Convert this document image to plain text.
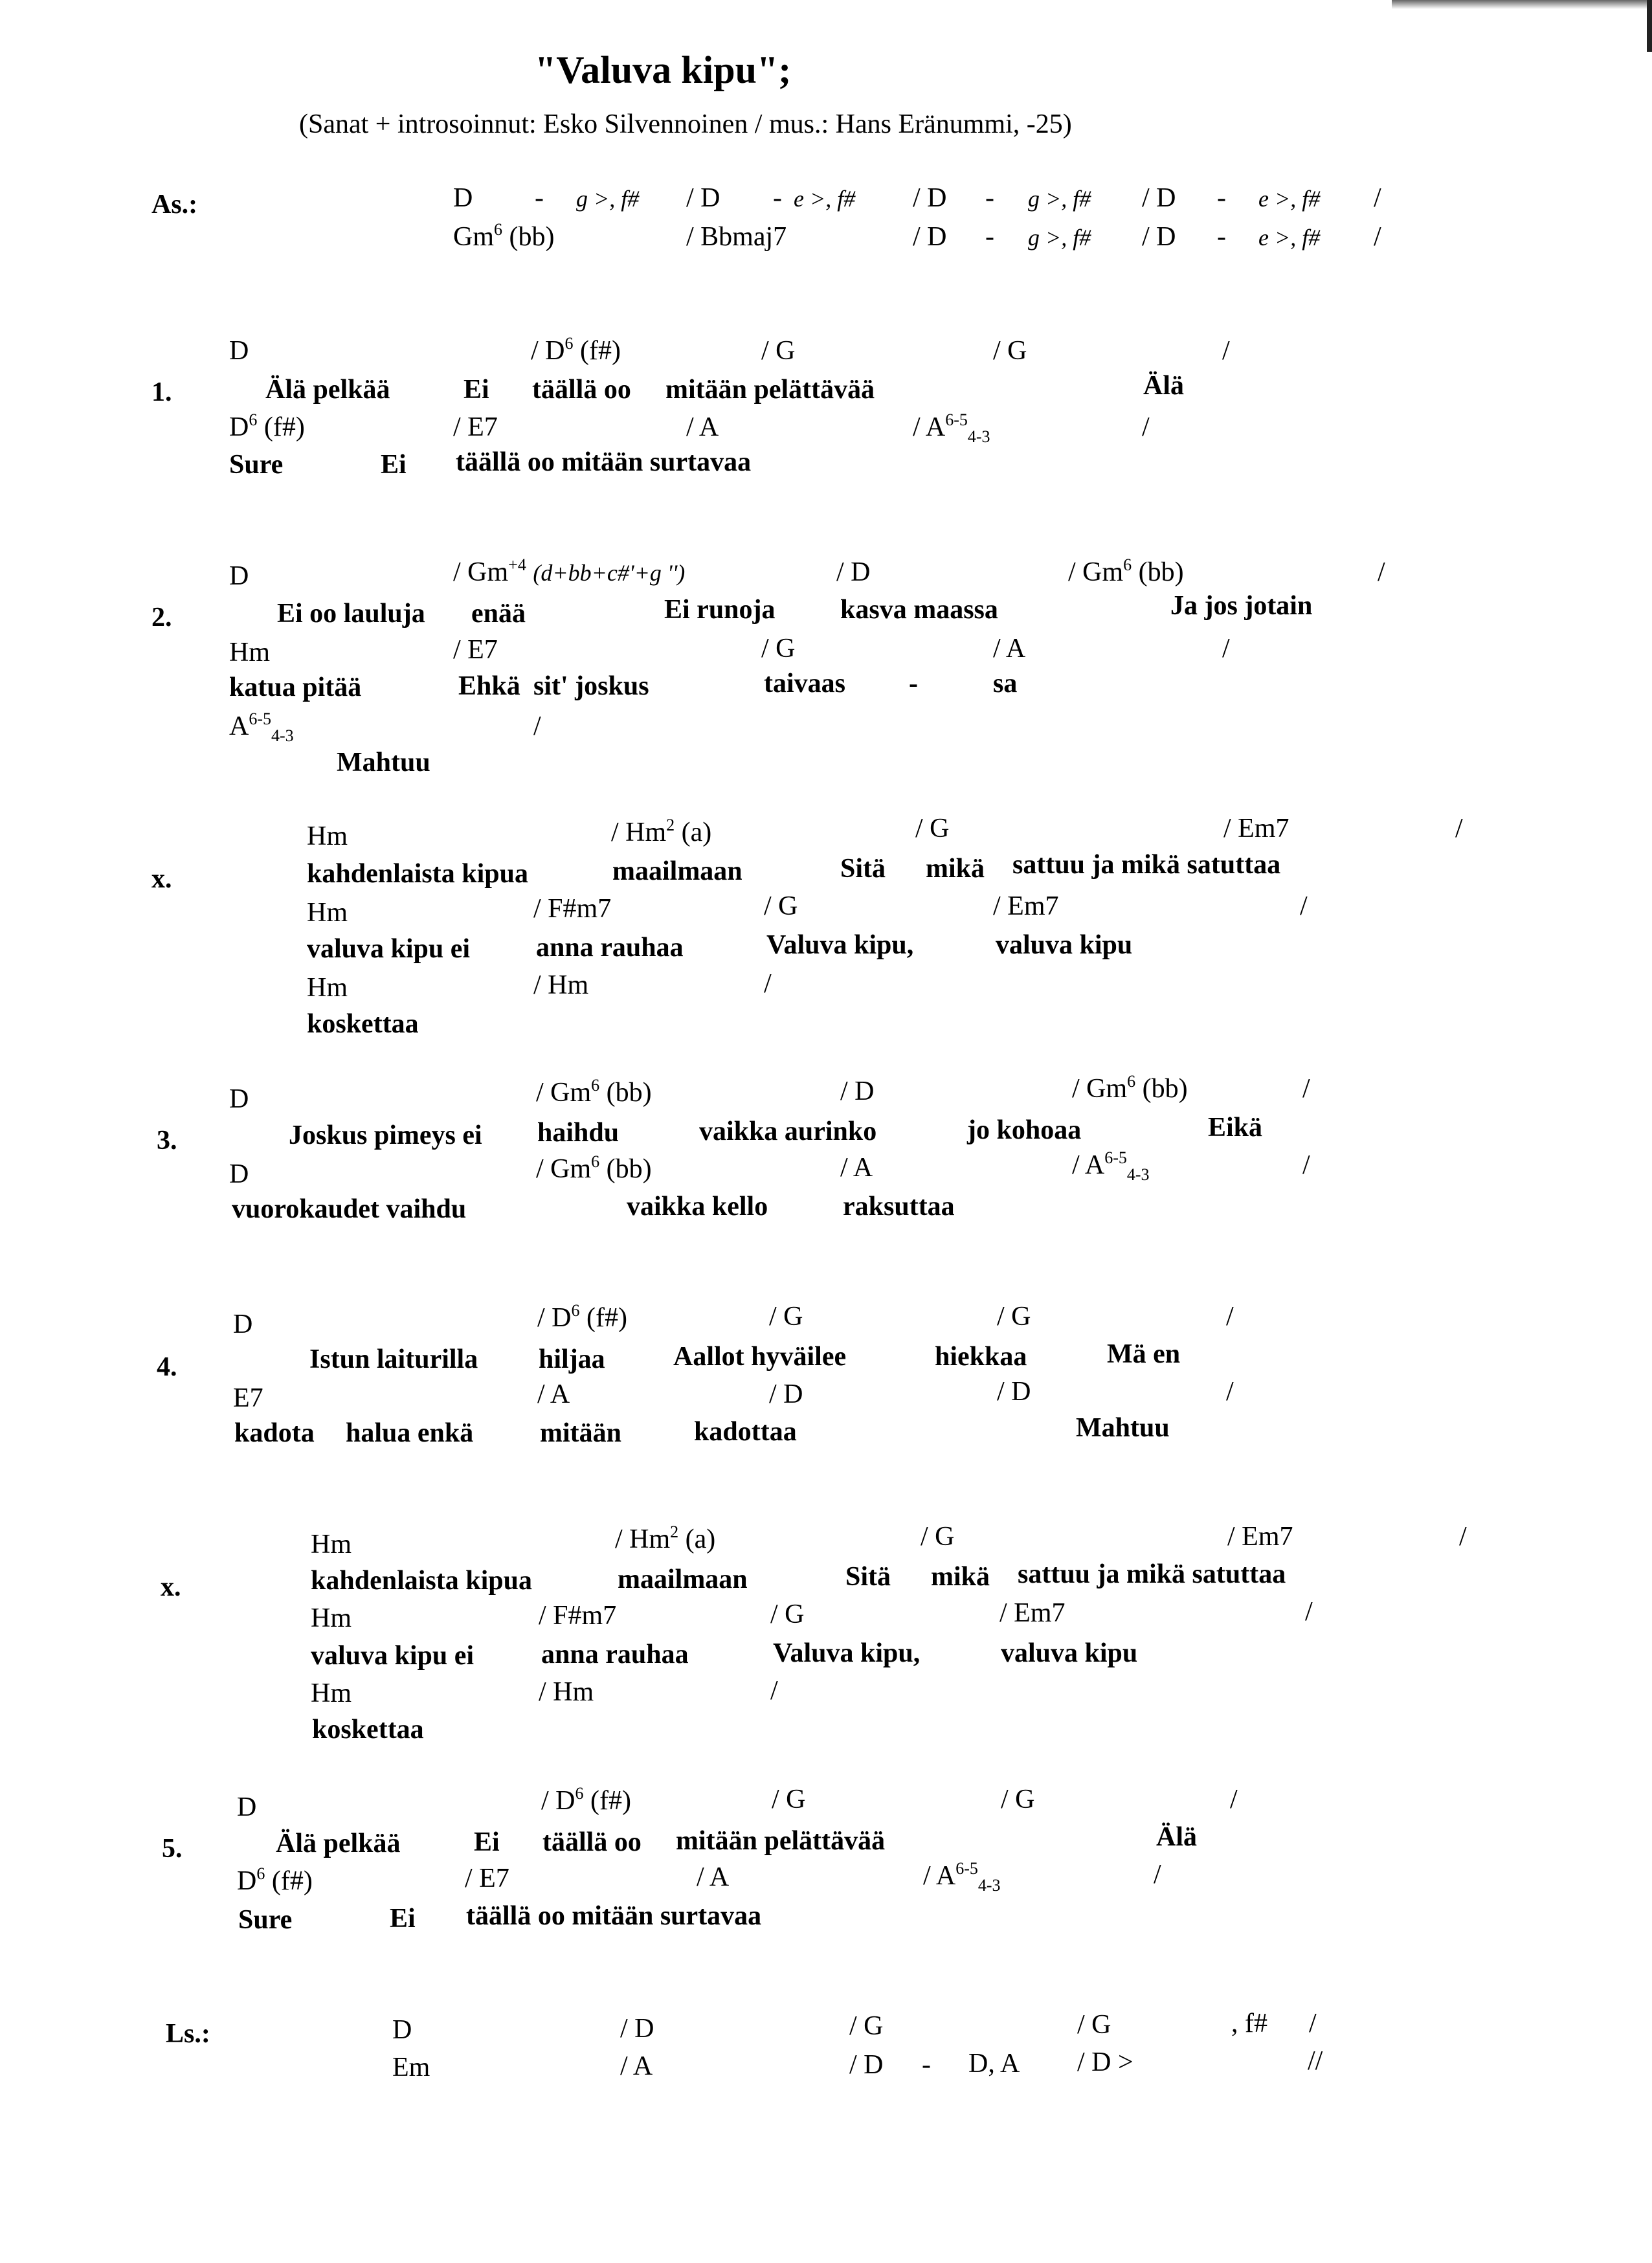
"Valuva kipu";
(Sanat + introsoinnut: Esko Silvennoinen / mus.: Hans Eränummi, -25)
As.:	D - g >, f# / D - e >, f# / D - g >, f# / D - e >, f# /
Gm$^6$ (bb)	/ Bbmaj7	/ D - g >, f# / D - e >, f# /
D	/ $D^6$ (f#)	/ G	/ G	/
1.	Älä pelkää	Ei täällä oo mitään pelättävää	Älä
$D^6$ (f#)	/ E7	/ A	/ $A^{6-5}_{4-3}$	/
Sure	Ei täällä oo mitään surtavaa
D	/ $Gm^{+4}$ (d+bb+c#'+g '')	/ D	/ Gm$^6$ (bb)	/
2.	Ei oo lauluja enää	Ei runoja kasva maassa	Ja jos jotain
Hm	/ E7	/ G	/ A	/
katua pitää	Ehkä sit' joskus	taivaas -	sa
$A^{6-5}_{4-3}$	/
Mahtuu
Hm	/ Hm$^2$ (a)	/ G	/ Em7	/
x.	kahdenlaista kipua	maailmaan	Sitä mikä sattuu ja mikä satuttaa
Hm	/ F#m7	/ G	/ Em7	/
valuva kipu ei anna rauhaa	Valuva kipu,	valuva kipu
Hm	/ Hm	/
koskettaa
D	/ Gm$^6$ (bb)	/ D	/ Gm$^6$ (bb)	/
3.	Joskus pimeys ei haihdu	vaikka aurinko	jo kohoaa	Eikä
D	/ Gm$^6$ (bb)	/ A	/ $A^{6-5}_{4-3}$	/
vuorokaudet vaihdu	vaikka kello	raksuttaa
D	/ $D^6$ (f#)	/ G	/ G	/
4.	Istun laiturilla hiljaa	Aallot hyväilee	hiekkaa	Mä en
E7	/ A	/ D	/ D	/
kadota halua enkä mitään	kadottaa	Mahtuu
Hm	/ Hm$^2$ (a)	/ G	/ Em7	/
x.	kahdenlaista kipua	maailmaan	Sitä mikä sattuu ja mikä satuttaa
Hm	/ F#m7	/ G	/ Em7	/
valuva kipu ei anna rauhaa	Valuva kipu,	valuva kipu
Hm	/ Hm	/
koskettaa
D	/ $D^6$ (f#)	/ G	/ G	/
5.	Älä pelkää	Ei täällä oo mitään pelättävää	Älä
$D^6$ (f#)	/ E7	/ A	/ $A^{6-5}_{4-3}$	/
Sure	Ei täällä oo mitään surtavaa
Ls.:	D	/ D	/ G	/ G	, f# /
Em	/ A	/ D - D, A / D >	//
